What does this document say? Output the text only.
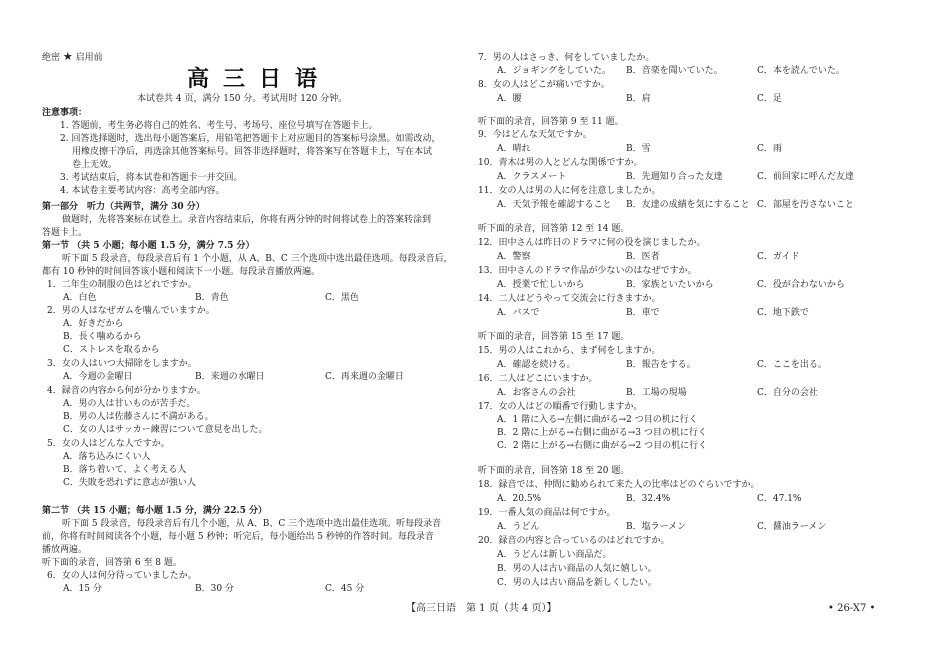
绝密 ★ 启用前
高三日语
本试卷共 4 页，满分 150 分。考试用时 120 分钟。
注意事项：
1. 答题前，考生务必将自己的姓名、考生号、考场号、座位号填写在答题卡上。
2. 回答选择题时，选出每小题答案后，用铅笔把答题卡上对应题目的答案标号涂黑。如需改动，
用橡皮擦干净后，再选涂其他答案标号。回答非选择题时，将答案写在答题卡上，写在本试
卷上无效。
3. 考试结束后，将本试卷和答题卡一并交回。
4. 本试卷主要考试内容：高考全部内容。
第一部分　听力（共两节，满分 30 分）
做题时，先将答案标在试卷上。录音内容结束后，你将有两分钟的时间将试卷上的答案转涂到
答题卡上。
第一节 （共 5 小题；每小题 1.5 分，满分 7.5 分）
听下面 5 段录音，每段录音后有 1 个小题，从 A、B、C 三个选项中选出最佳选项。每段录音后，
都有 10 秒钟的时间回答该小题和阅读下一小题。每段录音播放两遍。
1．二年生の制服の色はどれですか。
A．白色	B．青色	C．黒色
2．男の人はなぜガムを噛んでいますか。
A．好きだから
B．長く噛めるから
C．ストレスを取るから
3．女の人はいつ大掃除をしますか。
A．今週の金曜日	B．来週の水曜日	C．再来週の金曜日
4．録音の内容から何が分かりますか。
A．男の人は甘いものが苦手だ。
B．男の人は佐藤さんに不満がある。
C．女の人はサッカー練習について意見を出した。
5．女の人はどんな人ですか。
A．落ち込みにくい人
B．落ち着いて、よく考える人
C．失敗を恐れずに意志が強い人
第二节 （共 15 小题；每小题 1.5 分，满分 22.5 分）
听下面 5 段录音，每段录音后有几个小题，从 A、B、C 三个选项中选出最佳选项。听每段录音
前，你将有时间阅读各个小题，每小题 5 秒钟；听完后，每小题给出 5 秒钟的作答时间。每段录音
播放两遍。
听下面的录音，回答第 6 至 8 题。
6．女の人は何分待っていましたか。
A．15 分	B．30 分	C．45 分
7．男の人はさっき、何をしていましたか。
A．ジョギングをしていた。 B．音楽を聞いていた。	C．本を読んでいた。
8．女の人はどこが痛いですか。
A．腰	B．肩	C．足
听下面的录音，回答第 9 至 11 题。
9．今はどんな天気ですか。
A．晴れ	B．雪	C．雨
10．青木は男の人とどんな関係ですか。
A．クラスメート	B．先週知り合った友達	C．前回家に呼んだ友達
11．女の人は男の人に何を注意しましたか。
A．天気予報を確認すること B．友達の成績を気にすること C．部屋を汚さないこと
听下面的录音，回答第 12 至 14 题。
12．田中さんは昨日のドラマに何の役を演じましたか。
A．警察	B．医者	C．ガイド
13．田中さんのドラマ作品が少ないのはなぜですか。
A．授業で忙しいから	B．家族といたいから	C．役が合わないから
14．二人はどうやって交流会に行きますか。
A．バスで	B．車で	C．地下鉄で
听下面的录音，回答第 15 至 17 题。
15．男の人はこれから、まず何をしますか。
A．確認を続ける。	B．報告をする。	C．ここを出る。
16．二人はどこにいますか。
A．お客さんの会社	B．工場の現場	C．自分の会社
17．女の人はどの順番で行動しますか。
A．1 階に入る→左側に曲がる→2 つ目の机に行く
B．2 階に上がる→右側に曲がる→3 つ目の机に行く
C．2 階に上がる→右側に曲がる→2 つ目の机に行く
听下面的录音，回答第 18 至 20 题。
18．録音では、仲間に勧められて来た人の比率はどのぐらいですか。
A．20.5%	B．32.4%	C．47.1%
19．一番人気の商品は何ですか。
A．うどん	B．塩ラーメン	C．醤油ラーメン
20．録音の内容と合っているのはどれですか。
A．うどんは新しい商品だ。
B．男の人は古い商品の人気に嬉しい。
C．男の人は古い商品を新しくしたい。
【高三日语　第 1 页（共 4 页）】	• 26-X7 •
